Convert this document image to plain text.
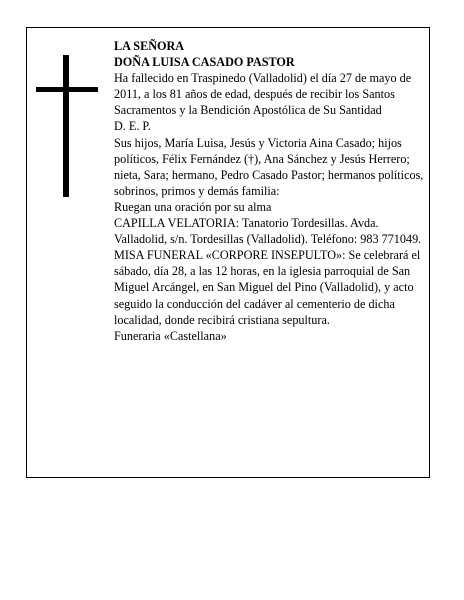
LA SEÑORA

DOÑA LUISA CASADO PASTOR

Ha fallecido en Traspinedo (Valladolid) el día 27 de mayo de 2011, a los 81 años de edad, después de recibir los Santos Sacramentos y la Bendición Apostólica de Su Santidad

D. E. P.

Sus hijos, María Luisa, Jesús y Victoria Aina Casado; hijos políticos, Félix Fernández (†), Ana Sánchez y Jesús Herrero; nieta, Sara; hermano, Pedro Casado Pastor; hermanos políticos, sobrinos, primos y demás familia:

Ruegan una oración por su alma

CAPILLA VELATORIA: Tanatorio Tordesillas. Avda. Valladolid, s/n. Tordesillas (Valladolid). Teléfono: 983 771049.

MISA FUNERAL «CORPORE INSEPULTO»: Se celebrará el sábado, día 28, a las 12 horas, en la iglesia parroquial de San Miguel Arcángel, en San Miguel del Pino (Valladolid), y acto seguido la conducción del cadáver al cementerio de dicha localidad, donde recibirá cristiana sepultura.

Funeraria «Castellana»
